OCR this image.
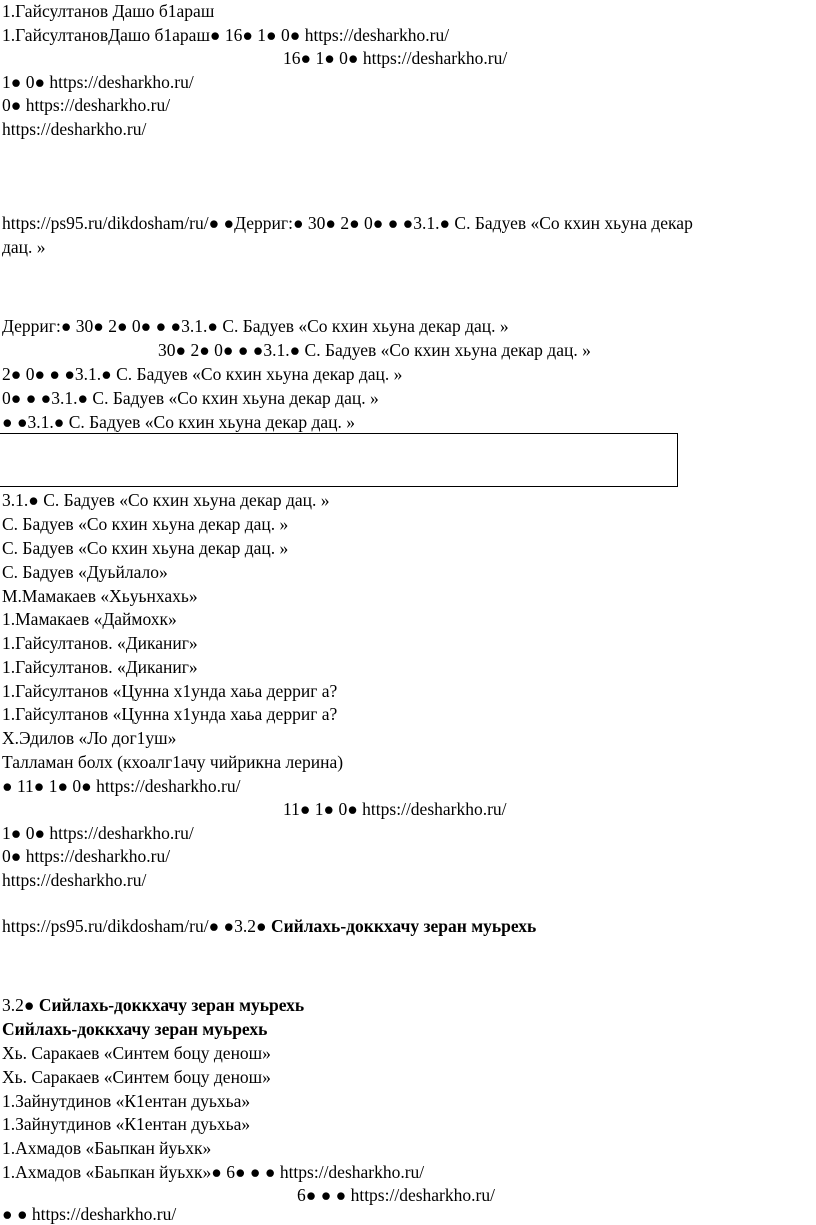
1.Гайсултанов Дашо б1араш
1.ГайсултановДашо б1араш● 16● 1● 0● https://desharkho.ru/
16● 1● 0● https://desharkho.ru/
1● 0● https://desharkho.ru/
0● https://desharkho.ru/
https://desharkho.ru/
https://ps95.ru/dikdosham/ru/● ●Дерриг:● 30● 2● 0● ● ●3.1.● С. Бадуев «Со кхин хьуна декар
дац. »
Дерриг:● 30● 2● 0● ● ●3.1.● С. Бадуев «Со кхин хьуна декар дац. »
30● 2● 0● ● ●3.1.● С. Бадуев «Со кхин хьуна декар дац. »
2● 0● ● ●3.1.● С. Бадуев «Со кхин хьуна декар дац. »
0● ● ●3.1.● С. Бадуев «Со кхин хьуна декар дац. »
● ●3.1.● С. Бадуев «Со кхин хьуна декар дац. »
3.1.● С. Бадуев «Со кхин хьуна декар дац. »
С. Бадуев «Со кхин хьуна декар дац. »
С. Бадуев «Со кхин хьуна декар дац. »
С. Бадуев «Дуьйлало»
М.Мамакаев «Хьуьнхахь»
1.Мамакаев «Даймохк»
1.Гайсултанов. «Диканиг»
1.Гайсултанов. «Диканиг»
1.Гайсултанов «Цунна х1унда хаьа дерриг а?
1.Гайсултанов «Цунна х1унда хаьа дерриг а?
Х.Эдилов «Ло дог1уш»
Талламан болх (кхоалг1ачу чийрикна лерина)
● 11● 1● 0● https://desharkho.ru/
11● 1● 0● https://desharkho.ru/
1● 0● https://desharkho.ru/
0● https://desharkho.ru/
https://desharkho.ru/
https://ps95.ru/dikdosham/ru/● ●3.2● Сийлахь-доккхачу зеран муьрехь
3.2● Сийлахь-доккхачу зеран муьрехь
Сийлахь-доккхачу зеран муьрехь
Хь. Саракаев «Синтем боцу денош»
Хь. Саракаев «Синтем боцу денош»
1.Зайнутдинов «К1ентан дуьхьа»
1.Зайнутдинов «К1ентан дуьхьа»
1.Ахмадов «Баьпкан йуьхк»
1.Ахмадов «Баьпкан йуьхк»● 6● ● ● https://desharkho.ru/
6● ● ● https://desharkho.ru/
● ● https://desharkho.ru/
